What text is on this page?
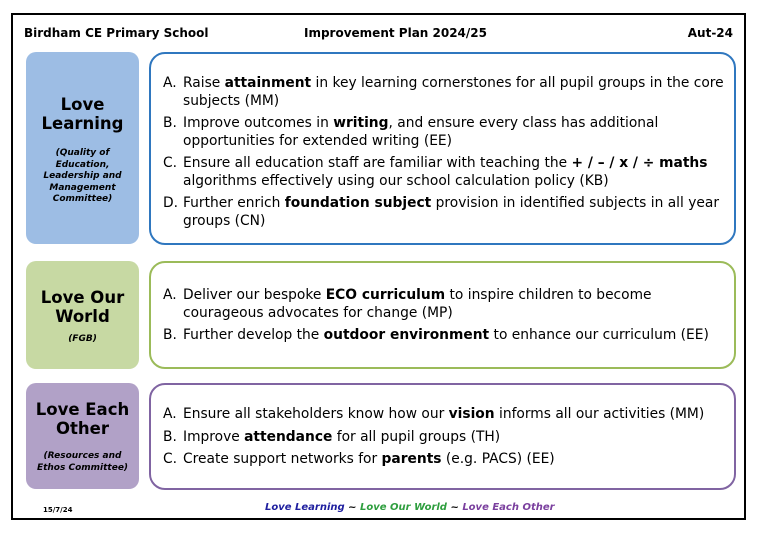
Birdham CE Primary School	Improvement Plan 2024/25	Aut-24
Love Learning
(Quality of Education, Leadership and Management Committee)
A. Raise attainment in key learning cornerstones for all pupil groups in the core subjects (MM)
B. Improve outcomes in writing, and ensure every class has additional opportunities for extended writing (EE)
C. Ensure all education staff are familiar with teaching the + / – / x / ÷ maths algorithms effectively using our school calculation policy (KB)
D. Further enrich foundation subject provision in identified subjects in all year groups (CN)
Love Our World
(FGB)
A. Deliver our bespoke ECO curriculum to inspire children to become courageous advocates for change (MP)
B. Further develop the outdoor environment to enhance our curriculum (EE)
Love Each Other
(Resources and Ethos Committee)
A. Ensure all stakeholders know how our vision informs all our activities (MM)
B. Improve attendance for all pupil groups (TH)
C. Create support networks for parents (e.g. PACS) (EE)
15/7/24	Love Learning ~ Love Our World ~ Love Each Other
